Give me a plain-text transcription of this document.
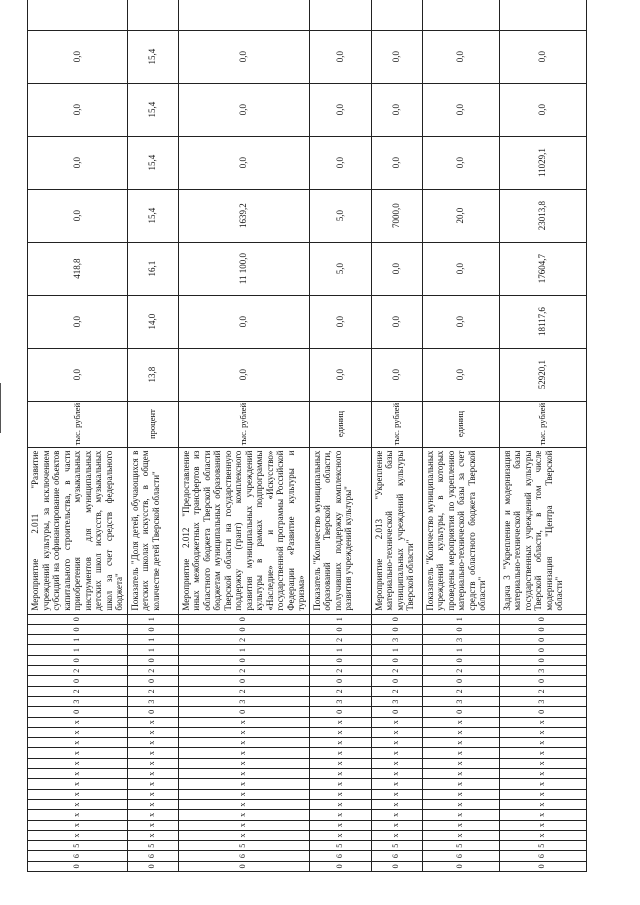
0	6	5	x	x	x	x	x	x	x	x	x	x	x	x	0	3	2	0	2	0	1	1	0	0	Мероприятие 2.011 "Развитие учреждений культуры, за исключением субсидий на софинансирование объектов капитального строительства, в части приобретения музыкальных инструментов для муниципальных детских школ искусств, музыкальных школ за счет средств федерального бюджета"	тыс. рублей	0,0	0,0	418,8	0,0	0,0	0,0	0,0	
0	6	5	x	x	x	x	x	x	x	x	x	x	x	x	0	3	2	0	2	0	1	1	0	1	Показатель "Доля детей, обучающихся в детских школах искусств, в общем количестве детей Тверской области"	процент	13,8	14,0	16,1	15,4	15,4	15,4	15,4	
0	6	5	x	x	x	x	x	x	x	x	x	x	x	x	0	3	2	0	2	0	1	2	0	0	Мероприятие 2.012 "Предоставление иных межбюджетных трансфертов из областного бюджета Тверской области бюджетам муниципальных образований Тверской области на государственную поддержку (грант) комплексного развития муниципальных учреждений культуры в рамках подпрограммы «Наследие» и «Искусство» государственной программы Российской Федерации «Развитие культуры и туризма»	тыс. рублей	0,0	0,0	11 100,0	1639,2	0,0	0,0	0,0	
0	6	5	x	x	x	x	x	x	x	x	x	x	x	x	0	3	2	0	2	0	1	2	0	1	Показатель "Количество муниципальных образований Тверской области, получивших поддержку комплексного развития учреждений культуры"	единиц	0,0	0,0	5,0	5,0	0,0	0,0	0,0	
0	6	5	x	x	x	x	x	x	x	x	x	x	x	x	0	3	2	0	2	0	1	3	0	0	Мероприятие 2.013 "Укрепление материально-технической базы муниципальных учреждений культуры Тверской области"	тыс. рублей	0,0	0,0	0,0	7000,0	0,0	0,0	0,0	
0	6	5	x	x	x	x	x	x	x	x	x	x	x	x	0	3	2	0	2	0	1	3	0	1	Показатель "Количество муниципальных учреждений культуры, в которых проведены мероприятия по укреплению материально-технической базы за счет средств областного бюджета Тверской области"	единиц	0,0	0,0	0,0	20,0	0,0	0,0	0,0	
0	6	5	x	x	x	x	x	x	x	x	x	x	x	x	0	3	2	0	3	0	0	0	0	0	Задача 3 "Укрепление и модернизация материально-технической базы государственных учреждений культуры Тверской области, в том числе модернизация "Центра Тверской области"	тыс. рублей	52920,1	18117,6	17604,7	23013,8	11029,1	0,0	0,0	
